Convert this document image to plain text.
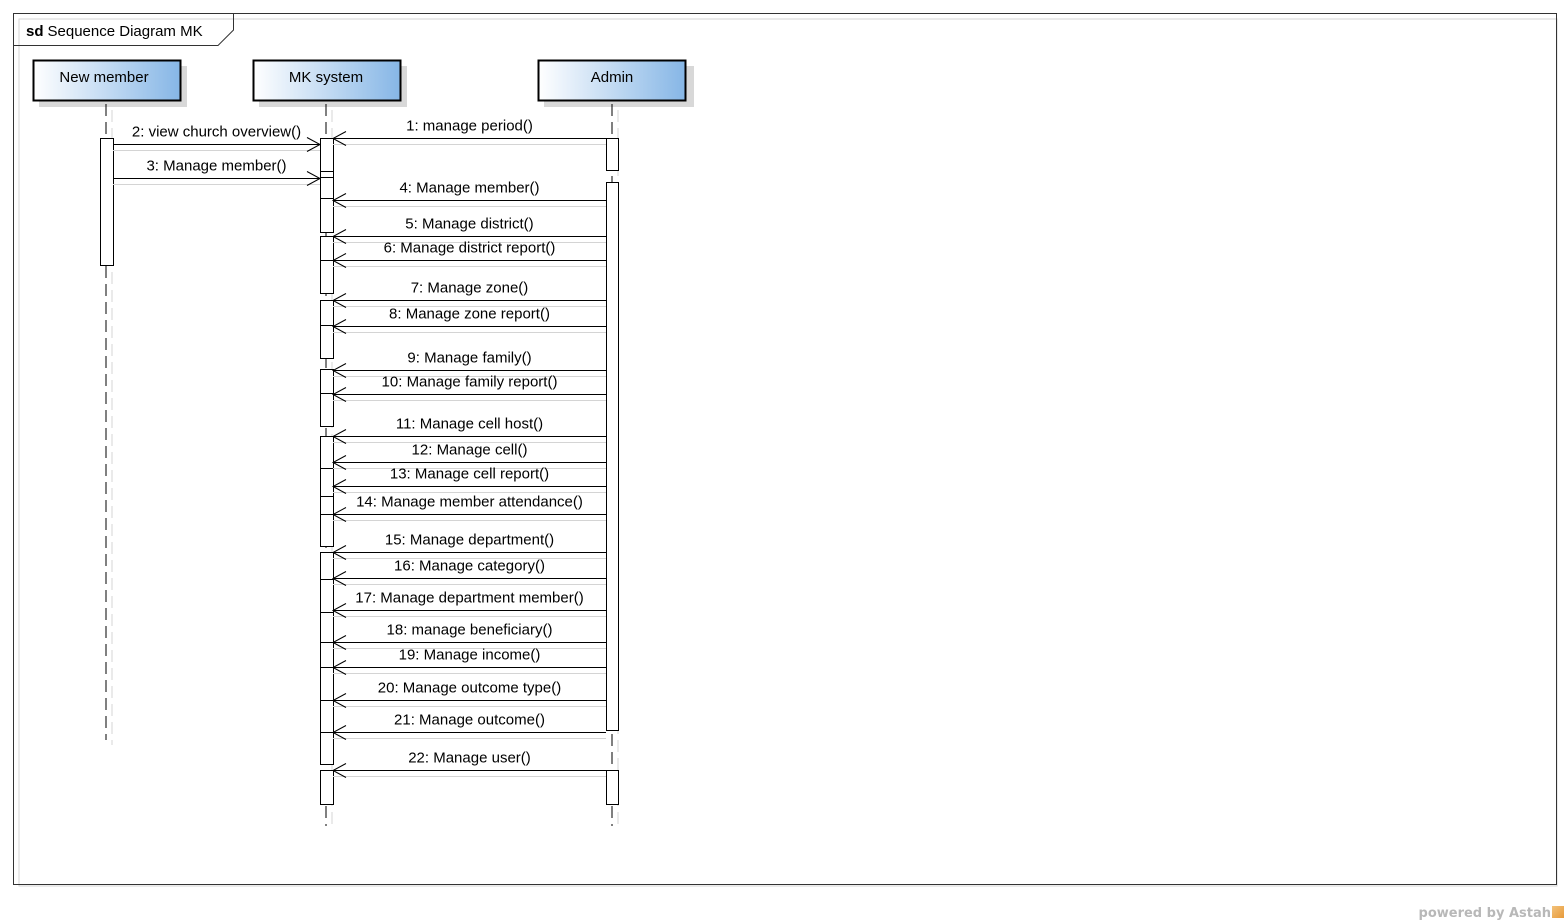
sd Sequence Diagram MK
New member	MK system	Admin
1: manage period()
2: view church overview()
3: Manage member()
4: Manage member()
5: Manage district()
6: Manage district report()
7: Manage zone()
8: Manage zone report()
9: Manage family()
10: Manage family report()
11: Manage cell host()
12: Manage cell()
13: Manage cell report()
14: Manage member attendance()
15: Manage department()
16: Manage category()
17: Manage department member()
18: manage beneficiary()
19: Manage income()
20: Manage outcome type()
21: Manage outcome()
22: Manage user()
powered by Astah
